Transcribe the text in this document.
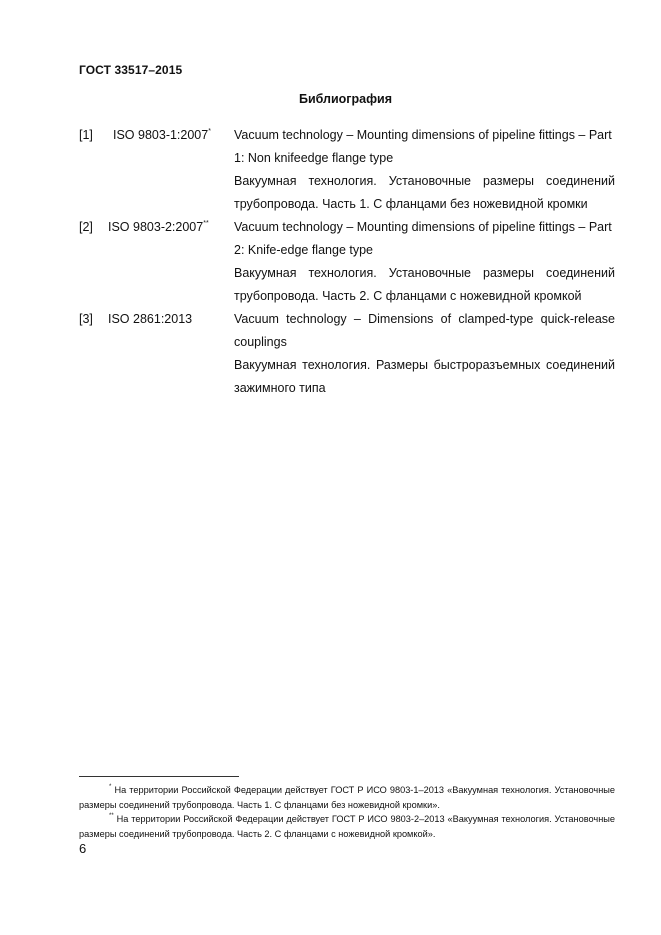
ГОСТ 33517–2015
Библиография
[1] ISO 9803-1:2007* Vacuum technology – Mounting dimensions of pipeline fittings – Part 1: Non knifeedge flange type

Вакуумная технология. Установочные размеры соединений трубопровода. Часть 1. С фланцами без ножевидной кромки

[2] ISO 9803-2:2007** Vacuum technology – Mounting dimensions of pipeline fittings – Part 2: Knife-edge flange type

Вакуумная технология. Установочные размеры соединений трубопровода. Часть 2. С фланцами с ножевидной кромкой

[3] ISO 2861:2013	Vacuum technology – Dimensions of clamped-type quick-release couplings

Вакуумная технология. Размеры быстроразъемных соединений зажимного типа

* На территории Российской Федерации действует ГОСТ Р ИСО 9803-1–2013 «Вакуумная технология. Установочные размеры соединений трубопровода. Часть 1. С фланцами без ножевидной кромки».

** На территории Российской Федерации действует ГОСТ Р ИСО 9803-2–2013 «Вакуумная технология. Установочные размеры соединений трубопровода. Часть 2. С фланцами с ножевидной кромкой».

6
